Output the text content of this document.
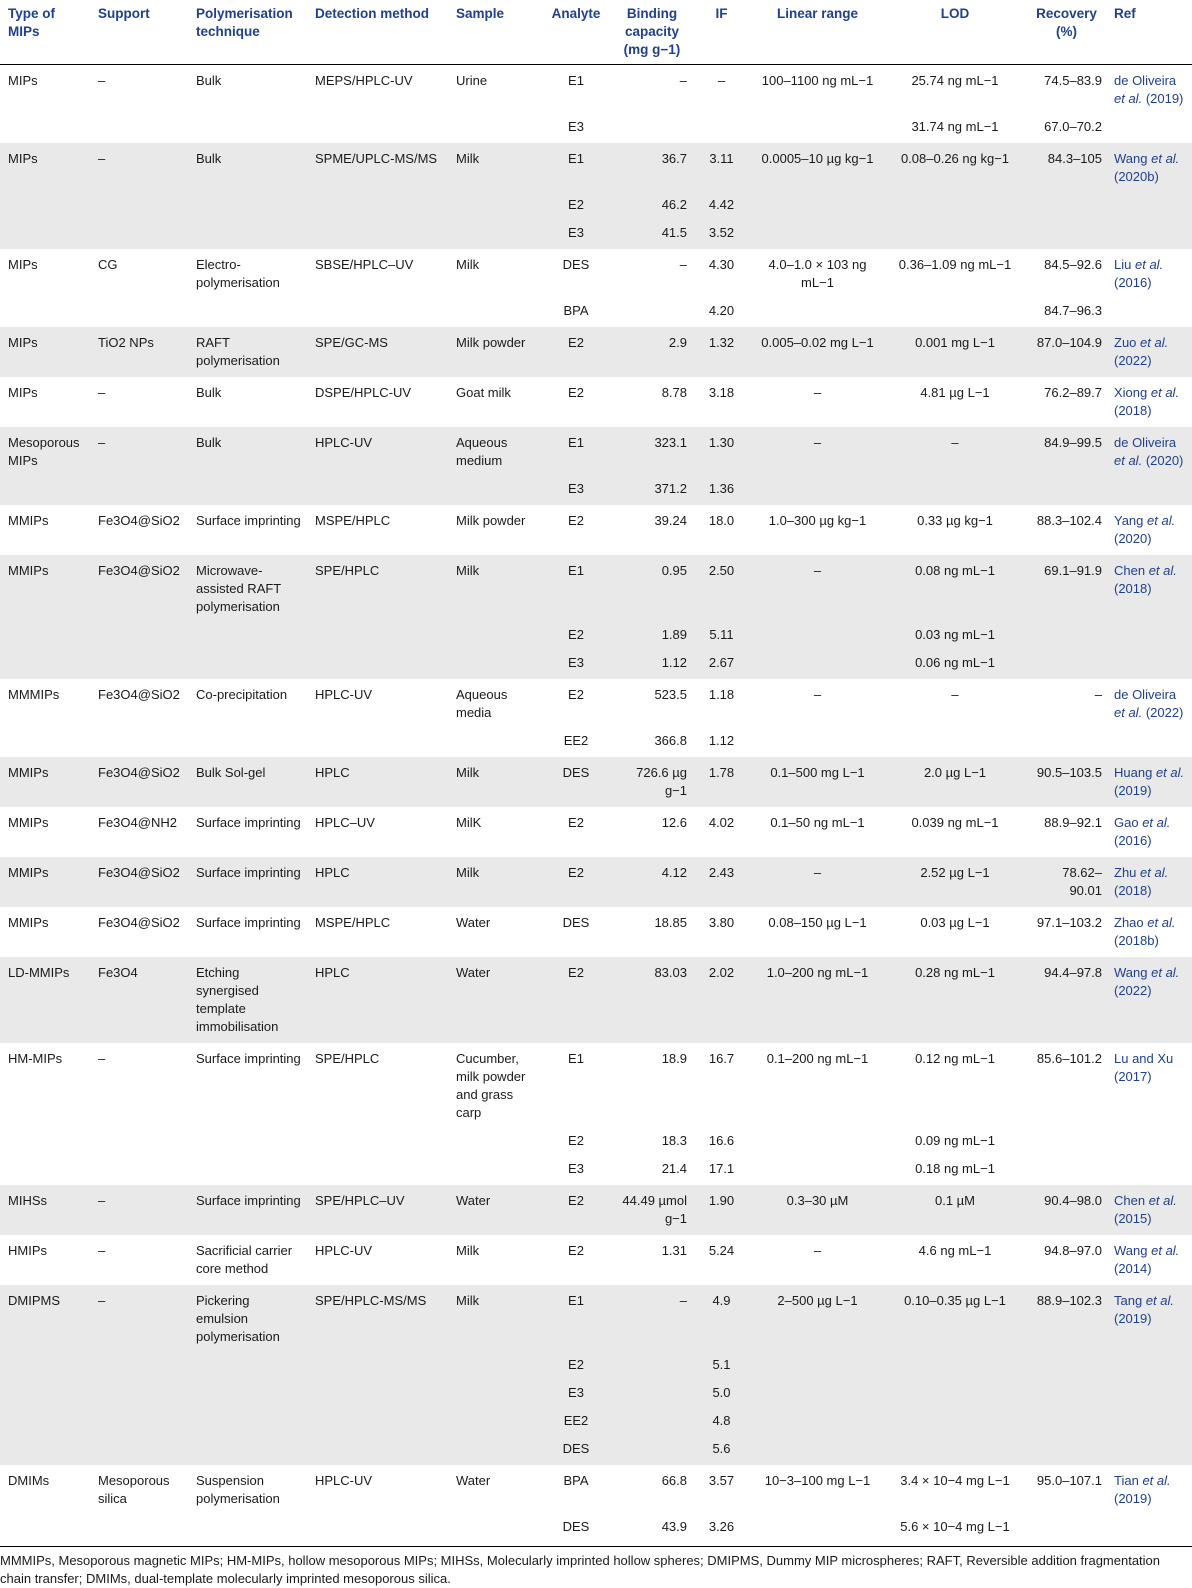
Type of MIPs	Support	Polymerisation technique	Detection method	Sample	Analyte	Binding capacity (mg g−1)	IF	Linear range	LOD	Recovery (%)	Ref
MIPs	–	Bulk	MEPS/HPLC-UV	Urine	E1	–	–	100–1100 ng mL−1	25.74 ng mL−1	74.5–83.9	de Oliveira et al. (2019)
					E3				31.74 ng mL−1	67.0–70.2	
MIPs	–	Bulk	SPME/UPLC-MS/MS	Milk	E1	36.7	3.11	0.0005–10 µg kg−1	0.08–0.26 ng kg−1	84.3–105	Wang et al. (2020b)
					E2	46.2	4.42				
					E3	41.5	3.52				
MIPs	CG	Electro-polymerisation	SBSE/HPLC–UV	Milk	DES	–	4.30	4.0–1.0 × 103 ng mL−1	0.36–1.09 ng mL−1	84.5–92.6	Liu et al. (2016)
					BPA		4.20			84.7–96.3	
MIPs	TiO2 NPs	RAFT polymerisation	SPE/GC-MS	Milk powder	E2	2.9	1.32	0.005–0.02 mg L−1	0.001 mg L−1	87.0–104.9	Zuo et al. (2022)
MIPs	–	Bulk	DSPE/HPLC-UV	Goat milk	E2	8.78	3.18	–	4.81 µg L−1	76.2–89.7	Xiong et al. (2018)
Mesoporous MIPs	–	Bulk	HPLC-UV	Aqueous medium	E1	323.1	1.30	–	–	84.9–99.5	de Oliveira et al. (2020)
					E3	371.2	1.36				
MMIPs	Fe3O4@SiO2	Surface imprinting	MSPE/HPLC	Milk powder	E2	39.24	18.0	1.0–300 µg kg−1	0.33 µg kg−1	88.3–102.4	Yang et al. (2020)
MMIPs	Fe3O4@SiO2	Microwave-assisted RAFT polymerisation	SPE/HPLC	Milk	E1	0.95	2.50	–	0.08 ng mL−1	69.1–91.9	Chen et al. (2018)
					E2	1.89	5.11		0.03 ng mL−1		
					E3	1.12	2.67		0.06 ng mL−1		
MMMIPs	Fe3O4@SiO2	Co-precipitation	HPLC-UV	Aqueous media	E2	523.5	1.18	–	–	–	de Oliveira et al. (2022)
					EE2	366.8	1.12				
MMIPs	Fe3O4@SiO2	Bulk Sol-gel	HPLC	Milk	DES	726.6 µg g−1	1.78	0.1–500 mg L−1	2.0 µg L−1	90.5–103.5	Huang et al. (2019)
MMIPs	Fe3O4@NH2	Surface imprinting	HPLC–UV	MilK	E2	12.6	4.02	0.1–50 ng mL−1	0.039 ng mL−1	88.9–92.1	Gao et al. (2016)
MMIPs	Fe3O4@SiO2	Surface imprinting	HPLC	Milk	E2	4.12	2.43	–	2.52 µg L−1	78.62–90.01	Zhu et al. (2018)
MMIPs	Fe3O4@SiO2	Surface imprinting	MSPE/HPLC	Water	DES	18.85	3.80	0.08–150 µg L−1	0.03 µg L−1	97.1–103.2	Zhao et al. (2018b)
LD-MMIPs	Fe3O4	Etching synergised template immobilisation	HPLC	Water	E2	83.03	2.02	1.0–200 ng mL−1	0.28 ng mL−1	94.4–97.8	Wang et al. (2022)
HM-MIPs	–	Surface imprinting	SPE/HPLC	Cucumber, milk powder and grass carp	E1	18.9	16.7	0.1–200 ng mL−1	0.12 ng mL−1	85.6–101.2	Lu and Xu (2017)
					E2	18.3	16.6		0.09 ng mL−1		
					E3	21.4	17.1		0.18 ng mL−1		
MIHSs	–	Surface imprinting	SPE/HPLC–UV	Water	E2	44.49 µmol g−1	1.90	0.3–30 µM	0.1 µM	90.4–98.0	Chen et al. (2015)
HMIPs	–	Sacrificial carrier core method	HPLC-UV	Milk	E2	1.31	5.24	–	4.6 ng mL−1	94.8–97.0	Wang et al. (2014)
DMIPMS	–	Pickering emulsion polymerisation	SPE/HPLC-MS/MS	Milk	E1	–	4.9	2–500 µg L−1	0.10–0.35 µg L−1	88.9–102.3	Tang et al. (2019)
					E2		5.1				
					E3		5.0				
					EE2		4.8				
					DES		5.6				
DMIMs	Mesoporous silica	Suspension polymerisation	HPLC-UV	Water	BPA	66.8	3.57	10−3–100 mg L−1	3.4 × 10−4 mg L−1	95.0–107.1	Tian et al. (2019)
					DES	43.9	3.26		5.6 × 10−4 mg L−1		
MMMIPs, Mesoporous magnetic MIPs; HM-MIPs, hollow mesoporous MIPs; MIHSs, Molecularly imprinted hollow spheres; DMIPMS, Dummy MIP microspheres; RAFT, Reversible addition fragmentation chain transfer; DMIMs, dual-template molecularly imprinted mesoporous silica.
